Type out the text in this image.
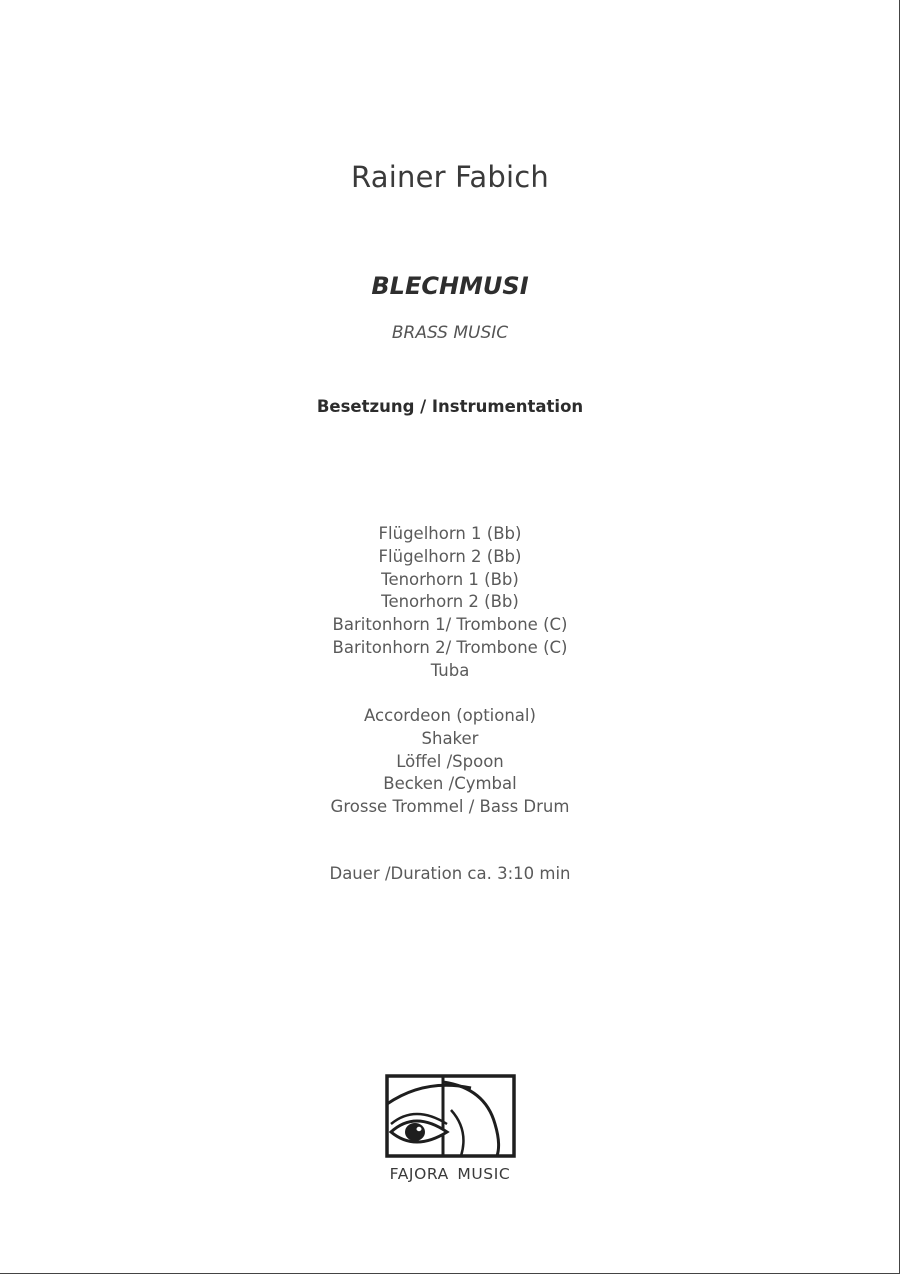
Rainer Fabich
BLECHMUSI
BRASS MUSIC
Besetzung / Instrumentation
Flügelhorn 1 (Bb)
Flügelhorn 2 (Bb)
Tenorhorn 1 (Bb)
Tenorhorn 2 (Bb)
Baritonhorn 1/ Trombone (C)
Baritonhorn 2/ Trombone (C)
Tuba
Accordeon (optional)
Shaker
Löffel /Spoon
Becken /Cymbal
Grosse Trommel / Bass Drum
Dauer /Duration ca. 3:10 min
FAJORA MUSIC
